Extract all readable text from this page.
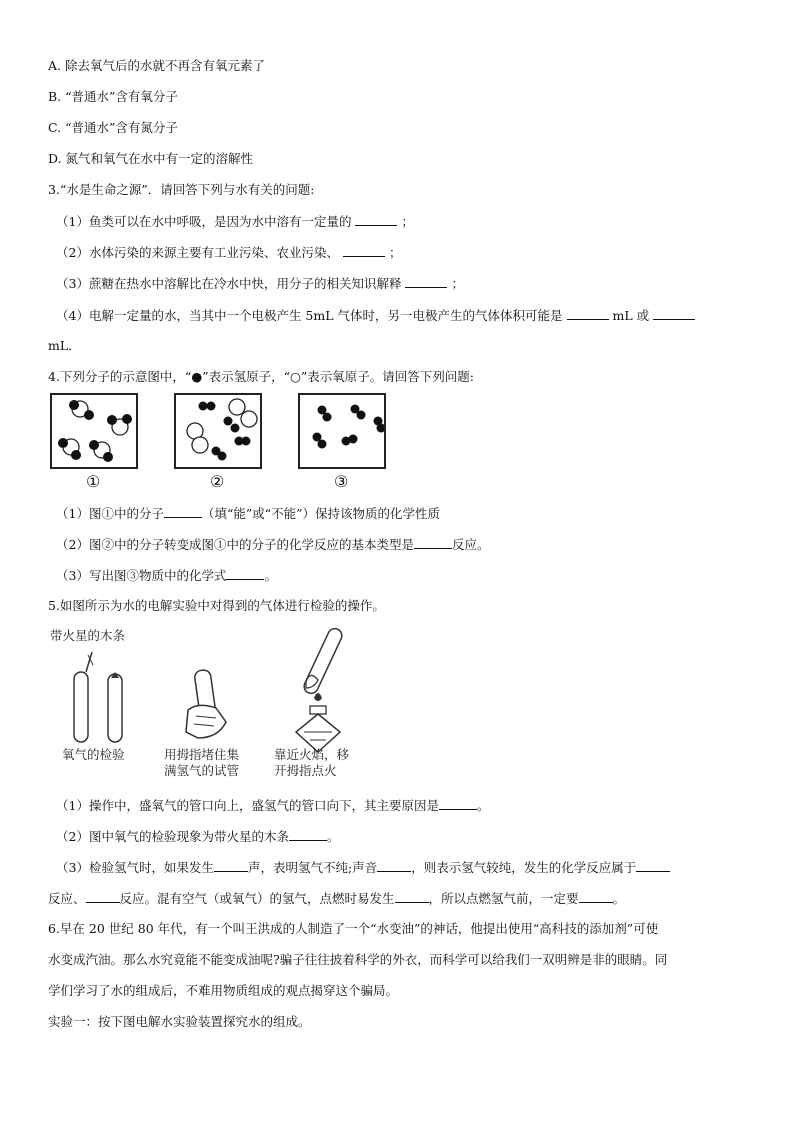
A. 除去氧气后的水就不再含有氧元素了
B. “普通水”含有氧分子
C. “普通水”含有氮分子
D. 氮气和氧气在水中有一定的溶解性
3.“水是生命之源”．请回答下列与水有关的问题:
（1）鱼类可以在水中呼吸，是因为水中溶有一定量的	；
（2）水体污染的来源主要有工业污染、农业污染、	；
（3）蔗糖在热水中溶解比在冷水中快，用分子的相关知识解释	；
（4）电解一定量的水，当其中一个电极产生 5mL 气体时，另一电极产生的气体体积可能是	mL 或
mL．
4.下列分子的示意图中，“●”表示氢原子，“○”表示氧原子。请回答下列问题:
①	②	③
（1）图①中的分子	（填“能”或“不能”）保持该物质的化学性质
（2）图②中的分子转变成图①中的分子的化学反应的基本类型是	反应。
（3）写出图③物质中的化学式	。
5.如图所示为水的电解实验中对得到的气体进行检验的操作。
带火星的木条
氧气的检验	用拇指堵住集
满氢气的试管
靠近火焰，移
开拇指点火
（1）操作中，盛氧气的管口向上，盛氢气的管口向下，其主要原因是	。
（2）图中氧气的检验现象为带火星的木条	。
（3）检验氢气时，如果发生	声，表明氢气不纯;声音	，则表示氢气较纯，发生的化学反应属于
反应、	反应。混有空气（或氧气）的氢气，点燃时易发生	，所以点燃氢气前，一定要	。
6.早在 20 世纪 80 年代，有一个叫王洪成的人制造了一个“水变油”的神话，他提出使用“高科技的添加剂”可使
水变成汽油。那么水究竟能不能变成油呢?骗子往往披着科学的外衣，而科学可以给我们一双明辨是非的眼睛。同
学们学习了水的组成后，不难用物质组成的观点揭穿这个骗局。
实验一：按下图电解水实验装置探究水的组成。
